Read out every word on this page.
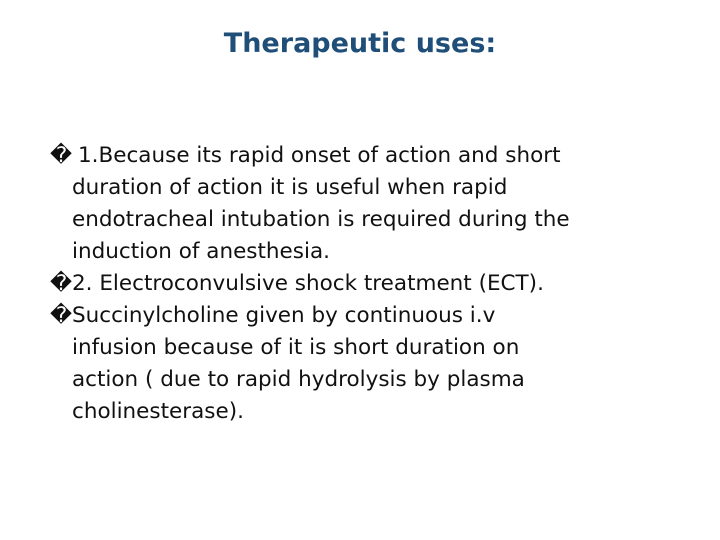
Therapeutic uses:
� 1.Because its rapid onset of action and short
duration of action it is useful when rapid
endotracheal intubation is required during the
induction of anesthesia.
� 2. Electroconvulsive shock treatment (ECT).
� Succinylcholine given by continuous i.v
infusion because of it is short duration on
action ( due to rapid hydrolysis by plasma
cholinesterase).
